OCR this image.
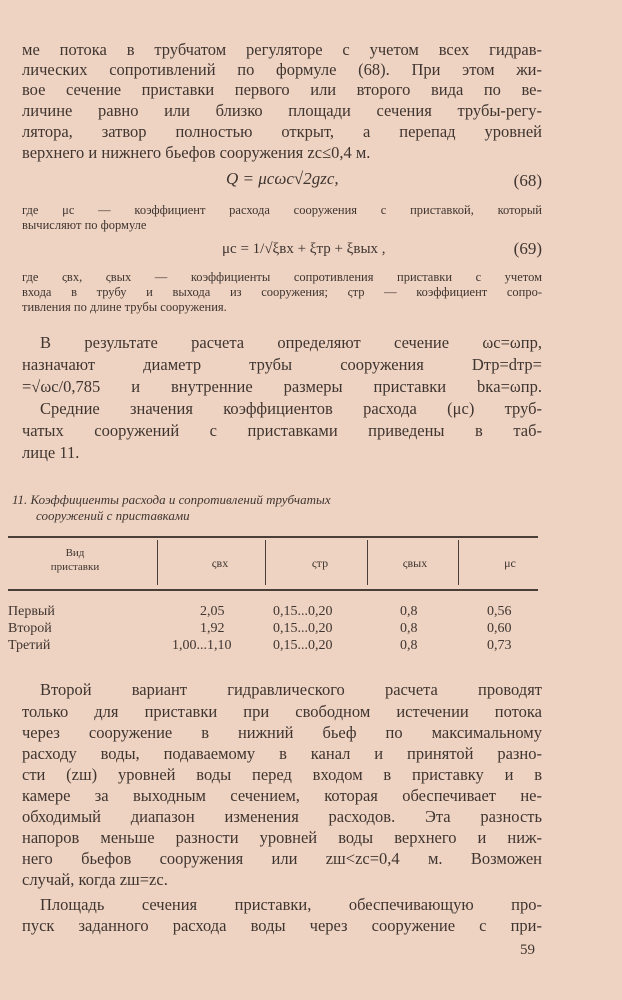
ме потока в трубчатом регуляторе с учетом всех гидрав-
лических сопротивлений по формуле (68). При этом жи-
вое сечение приставки первого или второго вида по ве-
личине равно или близко площади сечения трубы-регу-
лятора, затвор полностью открыт, а перепад уровней
верхнего и нижнего бьефов сооружения zc≤0,4 м.
Q = μcωc√2gzc,	(68)
где μc — коэффициент расхода сооружения с приставкой, который
вычисляют по формуле
μc = 1/√ξвх + ξтр + ξвых ,	(69)
где ςвх, ςвых — коэффициенты сопротивления приставки с учетом
входа в трубу и выхода из сооружения; ςтр — коэффициент сопро-
тивления по длине трубы сооружения.
В результате расчета определяют сечение ωc=ωпр,
назначают диаметр трубы сооружения Dтр=dтр=
=√ωc/0,785 и внутренние размеры приставки bкa=ωпр.
Средние значения коэффициентов расхода (μc) труб-
чатых сооружений с приставками приведены в таб-
лице 11.
11. Коэффициенты расхода и сопротивлений трубчатых
сооружений с приставками
Вид
приставки	ςвх	ςтр	ςвых	μc
Первый	2,05	0,15...0,20	0,8	0,56
Второй	1,92	0,15...0,20	0,8	0,60
Третий	1,00...1,10	0,15...0,20	0,8	0,73
Второй вариант гидравлического расчета проводят
только для приставки при свободном истечении потока
через сооружение в нижний бьеф по максимальному
расходу воды, подаваемому в канал и принятой разно-
сти (zш) уровней воды перед входом в приставку и в
камере за выходным сечением, которая обеспечивает не-
обходимый диапазон изменения расходов. Эта разность
напоров меньше разности уровней воды верхнего и ниж-
него бьефов сооружения или zш<zc=0,4 м. Возможен
случай, когда zш=zc.
Площадь сечения приставки, обеспечивающую про-
пуск заданного расхода воды через сооружение с при-
59
